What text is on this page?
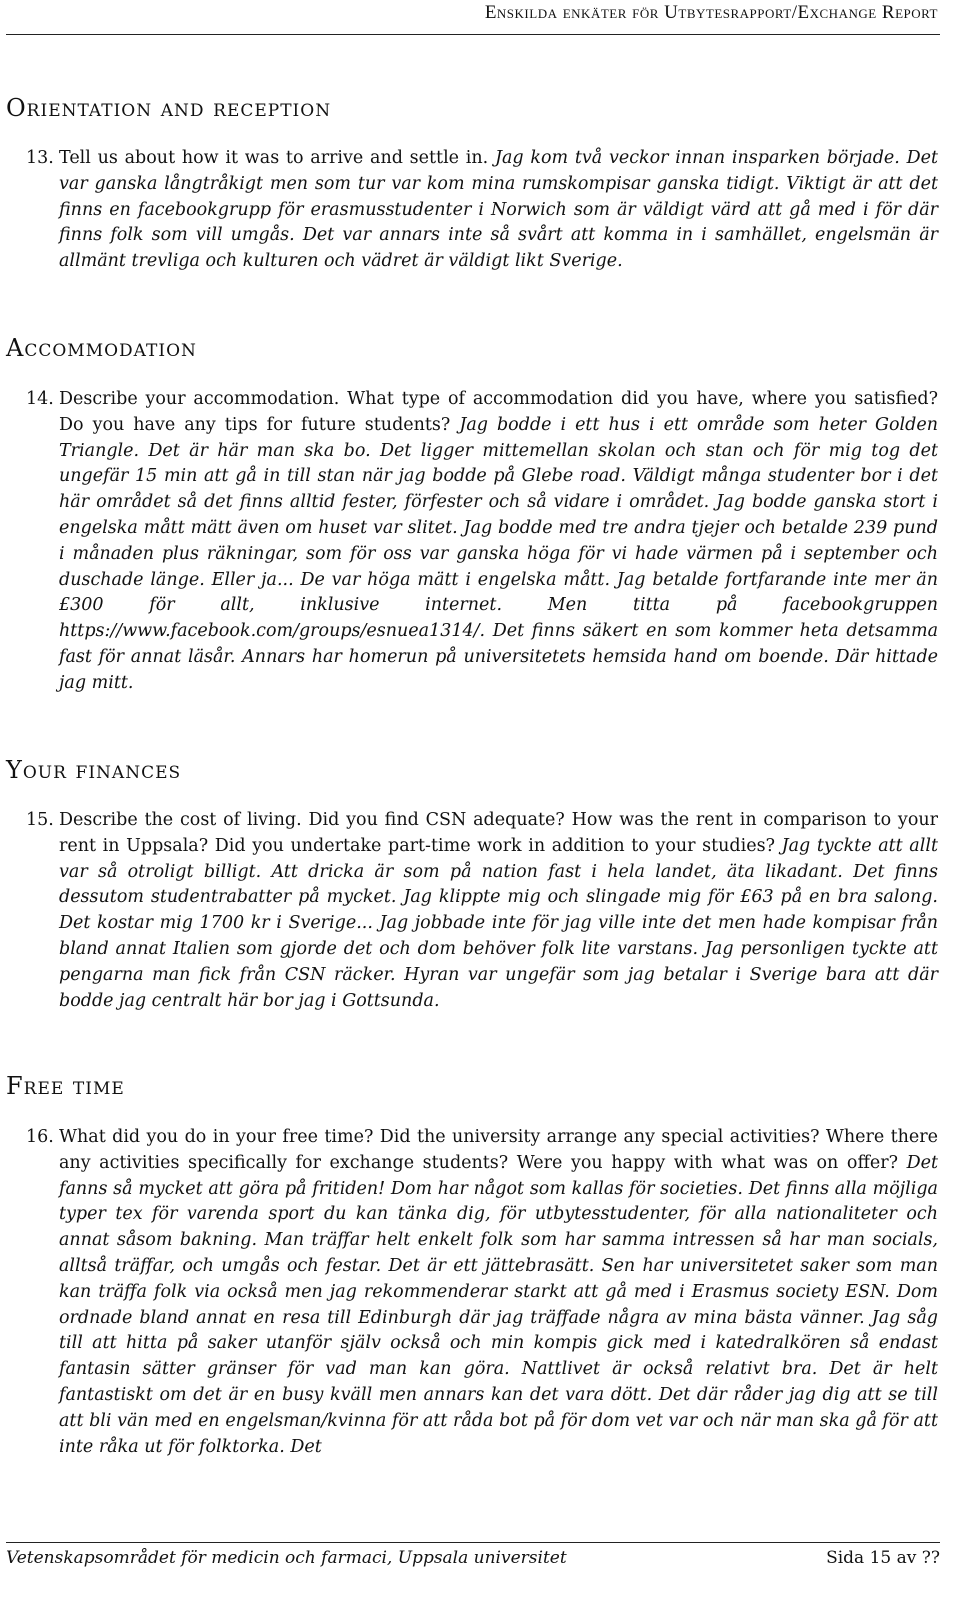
Enskilda enkäter för Utbytesrapport/Exchange Report
Orientation and reception
13. Tell us about how it was to arrive and settle in. Jag kom två veckor innan insparken började. Det var ganska långtråkigt men som tur var kom mina rumskompisar ganska tidigt. Viktigt är att det finns en facebookgrupp för erasmusstudenter i Norwich som är väldigt värd att gå med i för där finns folk som vill umgås. Det var annars inte så svårt att komma in i samhället, engelsmän är allmänt trevliga och kulturen och vädret är väldigt likt Sverige.
Accommodation
14. Describe your accommodation. What type of accommodation did you have, where you satisfied? Do you have any tips for future students? Jag bodde i ett hus i ett område som heter Golden Triangle. Det är här man ska bo. Det ligger mittemellan skolan och stan och för mig tog det ungefär 15 min att gå in till stan när jag bodde på Glebe road. Väldigt många studenter bor i det här området så det finns alltid fester, förfester och så vidare i området. Jag bodde ganska stort i engelska mått mätt även om huset var slitet. Jag bodde med tre andra tjejer och betalde 239 pund i månaden plus räkningar, som för oss var ganska höga för vi hade värmen på i september och duschade länge. Eller ja... De var höga mätt i engelska mått. Jag betalde fortfarande inte mer än £300 för allt, inklusive internet. Men titta på facebookgruppen https://www.facebook.com/groups/esnuea1314/. Det finns säkert en som kommer heta detsamma fast för annat läsår. Annars har homerun på universitetets hemsida hand om boende. Där hittade jag mitt.
Your finances
15. Describe the cost of living. Did you find CSN adequate? How was the rent in comparison to your rent in Uppsala? Did you undertake part-time work in addition to your studies? Jag tyckte att allt var så otroligt billigt. Att dricka är som på nation fast i hela landet, äta likadant. Det finns dessutom studentrabatter på mycket. Jag klippte mig och slingade mig för £63 på en bra salong. Det kostar mig 1700 kr i Sverige... Jag jobbade inte för jag ville inte det men hade kompisar från bland annat Italien som gjorde det och dom behöver folk lite varstans. Jag personligen tyckte att pengarna man fick från CSN räcker. Hyran var ungefär som jag betalar i Sverige bara att där bodde jag centralt här bor jag i Gottsunda.
Free time
16. What did you do in your free time? Did the university arrange any special activities? Where there any activities specifically for exchange students? Were you happy with what was on offer? Det fanns så mycket att göra på fritiden! Dom har något som kallas för societies. Det finns alla möjliga typer tex för varenda sport du kan tänka dig, för utbytesstudenter, för alla nationaliteter och annat såsom bakning. Man träffar helt enkelt folk som har samma intressen så har man socials, alltså träffar, och umgås och festar. Det är ett jättebrasätt. Sen har universitetet saker som man kan träffa folk via också men jag rekommenderar starkt att gå med i Erasmus society ESN. Dom ordnade bland annat en resa till Edinburgh där jag träffade några av mina bästa vänner. Jag såg till att hitta på saker utanför själv också och min kompis gick med i katedralkören så endast fantasin sätter gränser för vad man kan göra. Nattlivet är också relativt bra. Det är helt fantastiskt om det är en busy kväll men annars kan det vara dött. Det där råder jag dig att se till att bli vän med en engelsman/kvinna för att råda bot på för dom vet var och när man ska gå för att inte råka ut för folktorka. Det
Vetenskapsområdet för medicin och farmaci, Uppsala universitet	Sida 15 av ??
